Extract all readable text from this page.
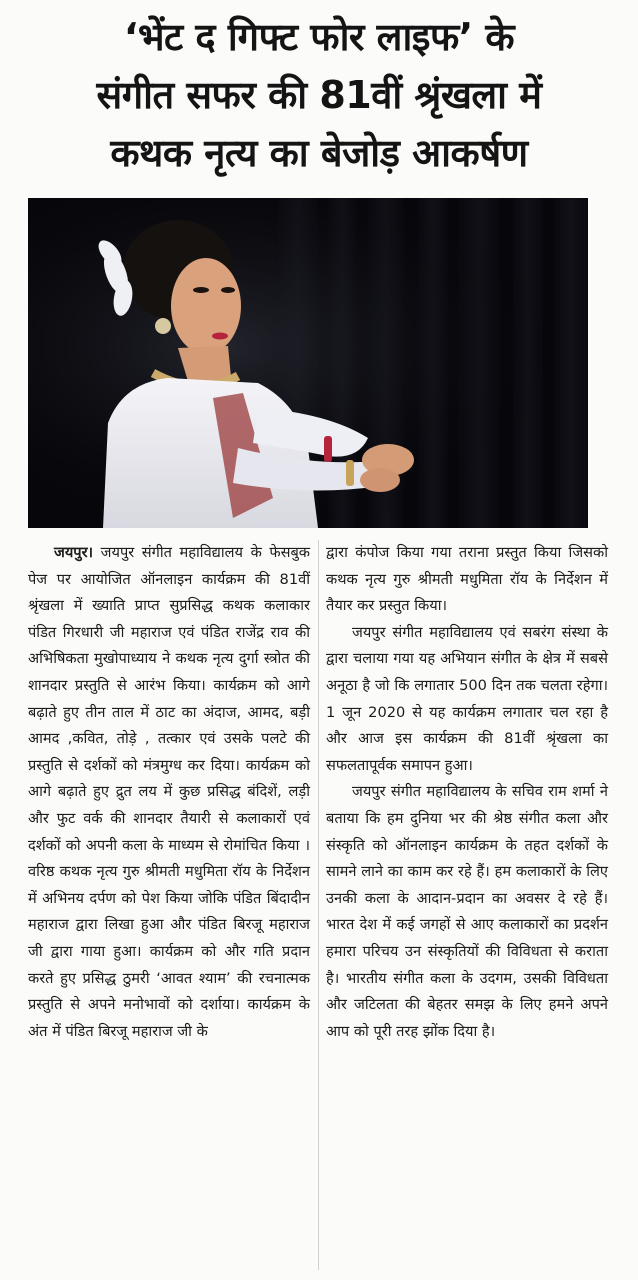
‘भेंट द गिफ्ट फोर लाइफ’ के
संगीत सफर की 81वीं श्रृंखला में
कथक नृत्य का बेजोड़ आकर्षण

जयपुर। जयपुर संगीत महाविद्यालय के फेसबुक पेज पर आयोजित ऑनलाइन कार्यक्रम की 81वीं श्रृंखला में ख्याति प्राप्त सुप्रसिद्ध कथक कलाकार पंडित गिरधारी जी महाराज एवं पंडित राजेंद्र राव की अभिषिकता मुखोपाध्याय ने कथक नृत्य दुर्गा स्त्रोत की शानदार प्रस्तुति से आरंभ किया। कार्यक्रम को आगे बढ़ाते हुए तीन ताल में ठाट का अंदाज, आमद, बड़ी आमद ,कवित, तोड़े , तत्कार एवं उसके पलटे की प्रस्तुति से दर्शकों को मंत्रमुग्ध कर दिया। कार्यक्रम को आगे बढ़ाते हुए द्रुत लय में कुछ प्रसिद्ध बंदिशें, लड़ी और फुट वर्क की शानदार तैयारी से कलाकारों एवं दर्शकों को अपनी कला के माध्यम से रोमांचित किया । वरिष्ठ कथक नृत्य गुरु श्रीमती मधुमिता रॉय के निर्देशन में अभिनय दर्पण को पेश किया जोकि पंडित बिंदादीन महाराज द्वारा लिखा हुआ और पंडित बिरजू महाराज जी द्वारा गाया हुआ। कार्यक्रम को और गति प्रदान करते हुए प्रसिद्ध ठुमरी ‘आवत श्याम’ की रचनात्मक प्रस्तुति से अपने मनोभावों को दर्शाया। कार्यक्रम के अंत में पंडित बिरजू महाराज जी के

द्वारा कंपोज किया गया तराना प्रस्तुत किया जिसको कथक नृत्य गुरु श्रीमती मधुमिता रॉय के निर्देशन में तैयार कर प्रस्तुत किया।

जयपुर संगीत महाविद्यालय एवं सबरंग संस्था के द्वारा चलाया गया यह अभियान संगीत के क्षेत्र में सबसे अनूठा है जो कि लगातार 500 दिन तक चलता रहेगा। 1 जून 2020 से यह कार्यक्रम लगातार चल रहा है और आज इस कार्यक्रम की 81वीं श्रृंखला का सफलतापूर्वक समापन हुआ।

जयपुर संगीत महाविद्यालय के सचिव राम शर्मा ने बताया कि हम दुनिया भर की श्रेष्ठ संगीत कला और संस्कृति को ऑनलाइन कार्यक्रम के तहत दर्शकों के सामने लाने का काम कर रहे हैं। हम कलाकारों के लिए उनकी कला के आदान-प्रदान का अवसर दे रहे हैं। भारत देश में कई जगहों से आए कलाकारों का प्रदर्शन हमारा परिचय उन संस्कृतियों की विविधता से कराता है। भारतीय संगीत कला के उदगम, उसकी विविधता और जटिलता की बेहतर समझ के लिए हमने अपने आप को पूरी तरह झोंक दिया है।
